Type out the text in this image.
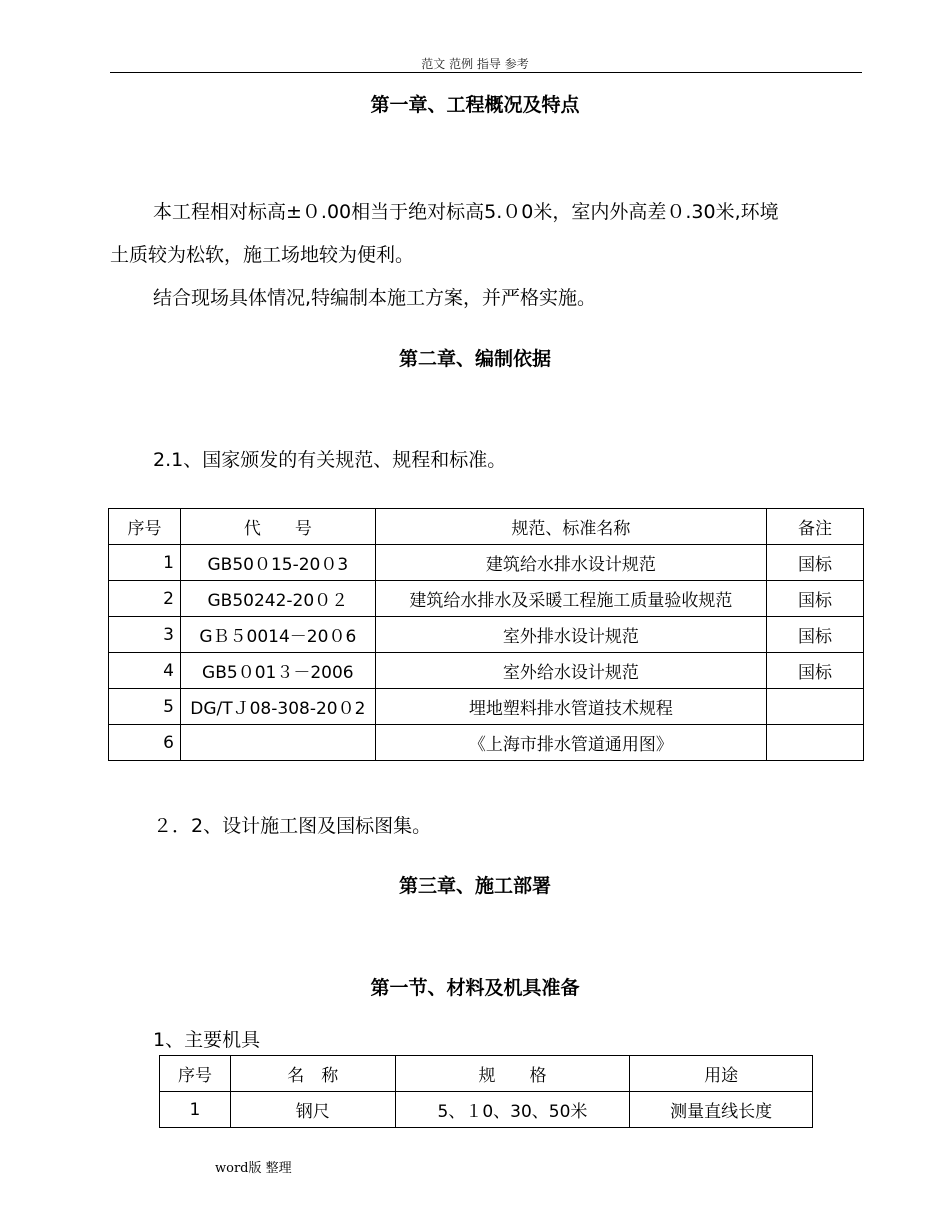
范文 范例 指导 参考
第一章、工程概况及特点
本工程相对标高±０.00相当于绝对标高5.０0米，室内外高差０.30米,环境
土质较为松软，施工场地较为便利。
结合现场具体情况,特编制本施工方案，并严格实施。
第二章、编制依据
2.1、国家颁发的有关规范、规程和标准。
序号	代　　号	规范、标准名称	备注
1	GB50０15-20０3	建筑给水排水设计规范	国标
2	GB50242-20０２	建筑给水排水及采暖工程施工质量验收规范	国标
3	GＢ５0014－20０6	室外排水设计规范	国标
4	GB5０01３－2006	室外给水设计规范	国标
5	DG/TＪ08-308-20０2	埋地塑料排水管道技术规程	
6		《上海市排水管道通用图》	
２．2、设计施工图及国标图集。
第三章、施工部署
第一节、材料及机具准备
1、主要机具
序号	名　称	规　　格	用途
1	钢尺	5、１0、30、50米	测量直线长度
word版 整理
